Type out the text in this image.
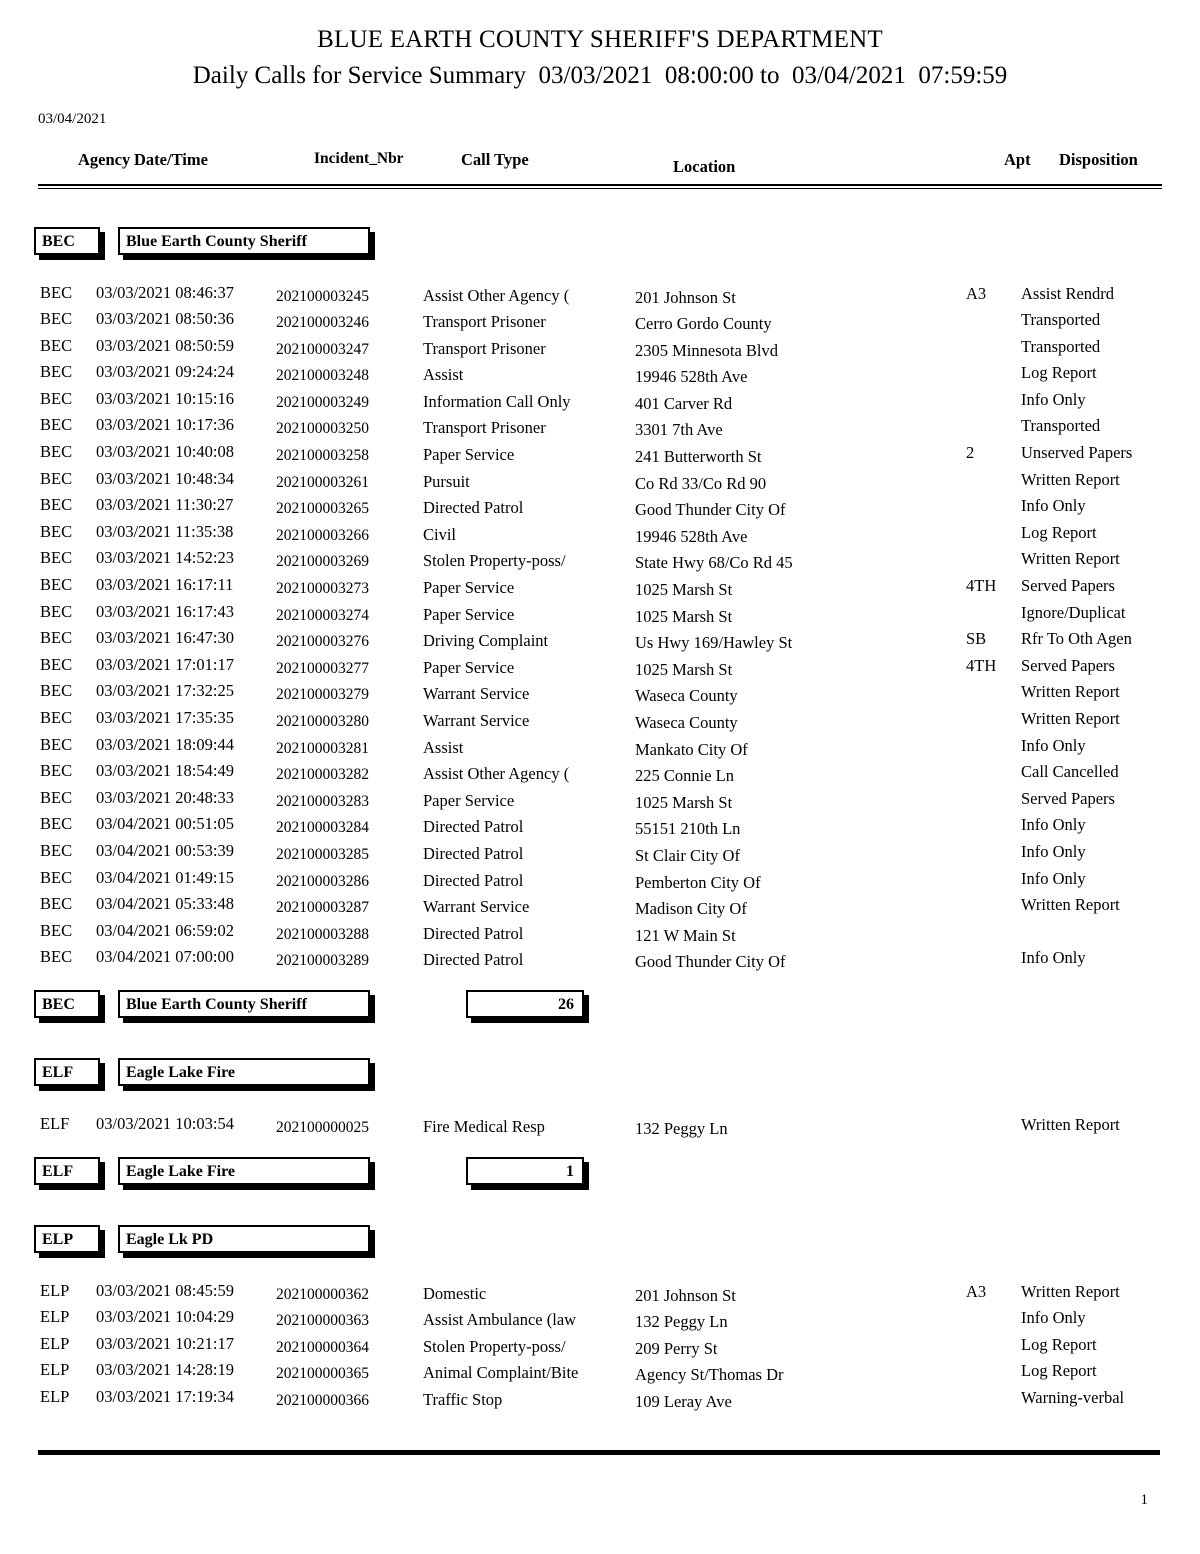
BLUE EARTH COUNTY SHERIFF'S DEPARTMENT
Daily Calls for Service Summary  03/03/2021  08:00:00 to  03/04/2021  07:59:59
03/04/2021
Agency Date/Time	Incident_Nbr	Call Type	Location	Apt Disposition
BEC	Blue Earth County Sheriff
BEC 03/03/2021 08:46:37	202100003245	Assist Other Agency (	201 Johnson St	A3 Assist Rendrd
BEC 03/03/2021 08:50:36	202100003246	Transport Prisoner	Cerro Gordo County	Transported
BEC 03/03/2021 08:50:59	202100003247	Transport Prisoner	2305 Minnesota Blvd	Transported
BEC 03/03/2021 09:24:24	202100003248	Assist	19946 528th Ave	Log Report
BEC 03/03/2021 10:15:16	202100003249	Information Call Only	401 Carver Rd	Info Only
BEC 03/03/2021 10:17:36	202100003250	Transport Prisoner	3301 7th Ave	Transported
BEC 03/03/2021 10:40:08	202100003258	Paper Service	241 Butterworth St	2	Unserved Papers
BEC 03/03/2021 10:48:34	202100003261	Pursuit	Co Rd 33/Co Rd 90	Written Report
BEC 03/03/2021 11:30:27	202100003265	Directed Patrol	Good Thunder City Of	Info Only
BEC 03/03/2021 11:35:38	202100003266	Civil	19946 528th Ave	Log Report
BEC 03/03/2021 14:52:23	202100003269	Stolen Property-poss/	State Hwy 68/Co Rd 45	Written Report
BEC 03/03/2021 16:17:11	202100003273	Paper Service	1025 Marsh St	4TH Served Papers
BEC 03/03/2021 16:17:43	202100003274	Paper Service	1025 Marsh St	Ignore/Duplicat
BEC 03/03/2021 16:47:30	202100003276	Driving Complaint	Us Hwy 169/Hawley St	SB Rfr To Oth Agen
BEC 03/03/2021 17:01:17	202100003277	Paper Service	1025 Marsh St	4TH Served Papers
BEC 03/03/2021 17:32:25	202100003279	Warrant Service	Waseca County	Written Report
BEC 03/03/2021 17:35:35	202100003280	Warrant Service	Waseca County	Written Report
BEC 03/03/2021 18:09:44	202100003281	Assist	Mankato City Of	Info Only
BEC 03/03/2021 18:54:49	202100003282	Assist Other Agency (	225 Connie Ln	Call Cancelled
BEC 03/03/2021 20:48:33	202100003283	Paper Service	1025 Marsh St	Served Papers
BEC 03/04/2021 00:51:05	202100003284	Directed Patrol	55151 210th Ln	Info Only
BEC 03/04/2021 00:53:39	202100003285	Directed Patrol	St Clair City Of	Info Only
BEC 03/04/2021 01:49:15	202100003286	Directed Patrol	Pemberton City Of	Info Only
BEC 03/04/2021 05:33:48	202100003287	Warrant Service	Madison City Of	Written Report
BEC 03/04/2021 06:59:02	202100003288	Directed Patrol	121 W Main St
BEC 03/04/2021 07:00:00	202100003289	Directed Patrol	Good Thunder City Of	Info Only
BEC	Blue Earth County Sheriff	26
ELF	Eagle Lake Fire
ELF 03/03/2021 10:03:54	202100000025	Fire Medical Resp	132 Peggy Ln	Written Report
ELF	Eagle Lake Fire	1
ELP	Eagle Lk PD
ELP 03/03/2021 08:45:59	202100000362	Domestic	201 Johnson St	A3 Written Report
ELP 03/03/2021 10:04:29	202100000363	Assist Ambulance (law	132 Peggy Ln	Info Only
ELP 03/03/2021 10:21:17	202100000364	Stolen Property-poss/	209 Perry St	Log Report
ELP 03/03/2021 14:28:19	202100000365	Animal Complaint/Bite	Agency St/Thomas Dr	Log Report
ELP 03/03/2021 17:19:34	202100000366	Traffic Stop	109 Leray Ave	Warning-verbal
1
